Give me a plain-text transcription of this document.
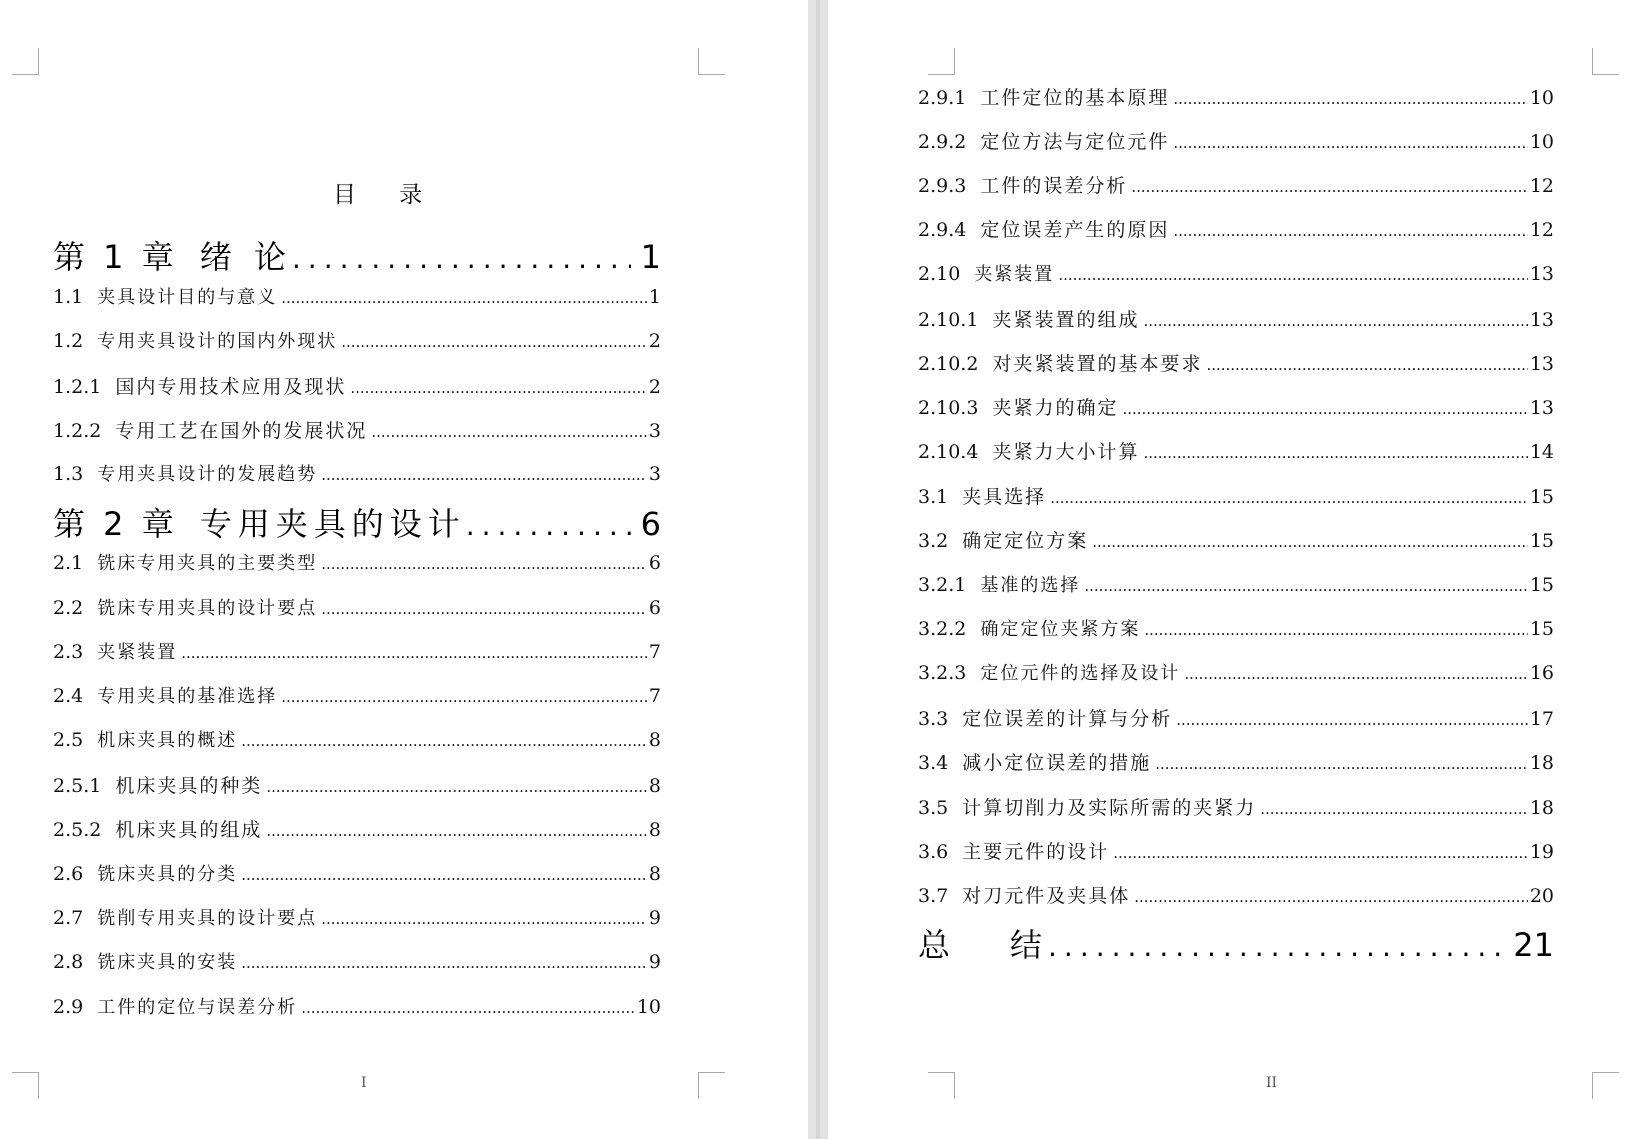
目 录
第 1 章 绪 论 .....	1
1.1 夹具设计目的与意义 .....	1
1.2 专用夹具设计的国内外现状 .....	2
1.2.1 国内专用技术应用及现状 .....	2
1.2.2 专用工艺在国外的发展状况 .....	3
1.3 专用夹具设计的发展趋势 .....	3
第 2 章 专用夹具的设计 .....	6
2.1 铣床专用夹具的主要类型 .....	6
2.2 铣床专用夹具的设计要点 .....	6
2.3 夹紧装置 .....	7
2.4 专用夹具的基准选择 .....	7
2.5 机床夹具的概述 .....	8
2.5.1 机床夹具的种类 .....	8
2.5.2 机床夹具的组成 .....	8
2.6 铣床夹具的分类 .....	8
2.7 铣削专用夹具的设计要点 .....	9
2.8 铣床夹具的安装 .....	9
2.9 工件的定位与误差分析 .....	10
I
2.9.1 工件定位的基本原理 .....	10
2.9.2 定位方法与定位元件 .....	10
2.9.3 工件的误差分析 .....	12
2.9.4 定位误差产生的原因 .....	12
2.10 夹紧装置 .....	13
2.10.1 夹紧装置的组成 .....	13
2.10.2 对夹紧装置的基本要求 .....	13
2.10.3 夹紧力的确定 .....	13
2.10.4 夹紧力大小计算 .....	14
3.1 夹具选择 .....	15
3.2 确定定位方案 .....	15
3.2.1 基准的选择 .....	15
3.2.2 确定定位夹紧方案 .....	15
3.2.3 定位元件的选择及设计 .....	16
3.3 定位误差的计算与分析 .....	17
3.4 减小定位误差的措施 .....	18
3.5 计算切削力及实际所需的夹紧力 .....	18
3.6 主要元件的设计 .....	19
3.7 对刀元件及夹具体 .....	20
总 结 .....	21
II
